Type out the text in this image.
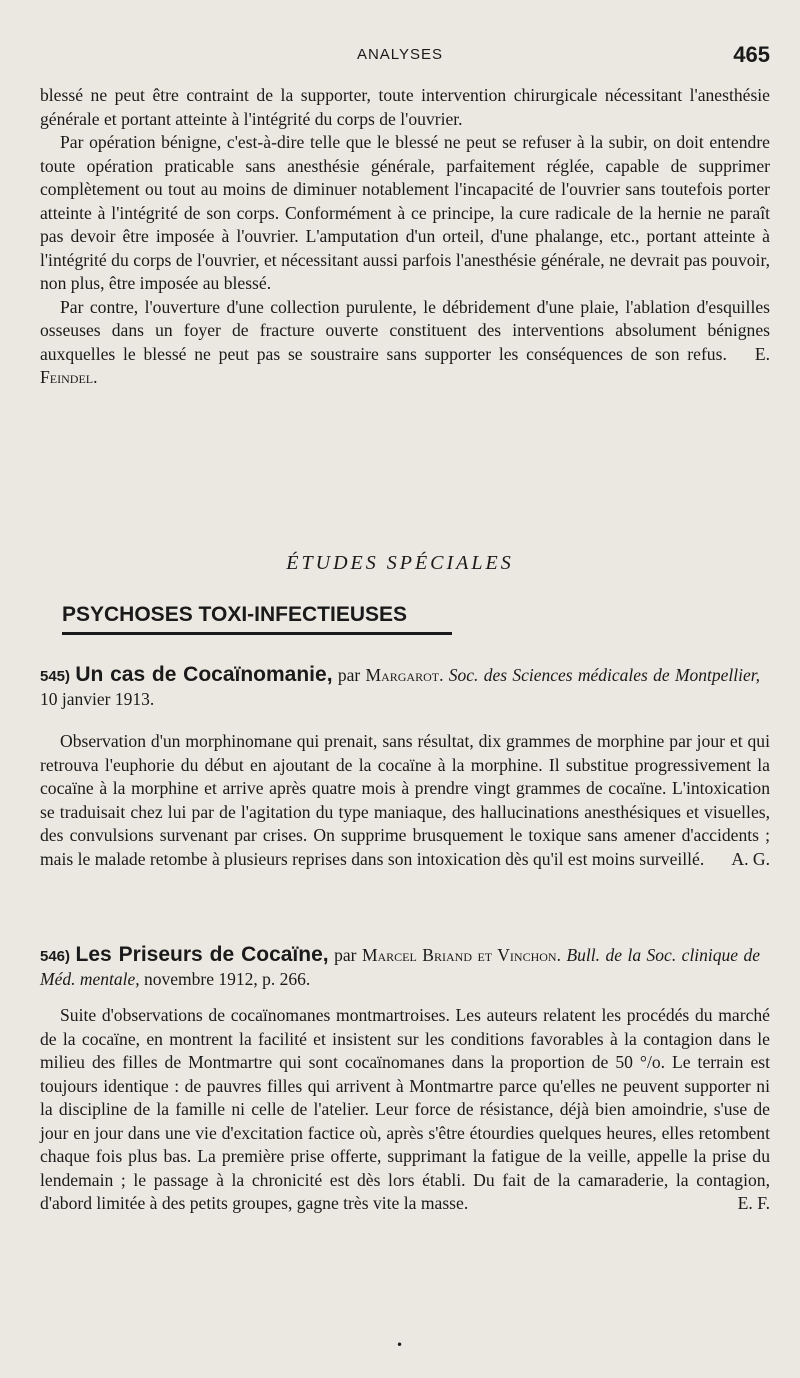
ANALYSES	465

blessé ne peut être contraint de la supporter, toute intervention chirurgicale nécessitant l'anesthésie générale et portant atteinte à l'intégrité du corps de l'ouvrier.

Par opération bénigne, c'est-à-dire telle que le blessé ne peut se refuser à la subir, on doit entendre toute opération praticable sans anesthésie générale, parfaitement réglée, capable de supprimer complètement ou tout au moins de diminuer notablement l'incapacité de l'ouvrier sans toutefois porter atteinte à l'intégrité de son corps. Conformément à ce principe, la cure radicale de la hernie ne paraît pas devoir être imposée à l'ouvrier. L'amputation d'un orteil, d'une phalange, etc., portant atteinte à l'intégrité du corps de l'ouvrier, et nécessitant aussi parfois l'anesthésie générale, ne devrait pas pouvoir, non plus, être imposée au blessé.

Par contre, l'ouverture d'une collection purulente, le débridement d'une plaie, l'ablation d'esquilles osseuses dans un foyer de fracture ouverte constituent des interventions absolument bénignes auxquelles le blessé ne peut pas se soustraire sans supporter les conséquences de son refus. E. Feindel.

ÉTUDES SPÉCIALES
PSYCHOSES TOXI-INFECTIEUSES
545) Un cas de Cocaïnomanie, par Margarot. Soc. des Sciences médicales de Montpellier, 10 janvier 1913.

Observation d'un morphinomane qui prenait, sans résultat, dix grammes de morphine par jour et qui retrouva l'euphorie du début en ajoutant de la cocaïne à la morphine. Il substitue progressivement la cocaïne à la morphine et arrive après quatre mois à prendre vingt grammes de cocaïne. L'intoxication se traduisait chez lui par de l'agitation du type maniaque, des hallucinations anesthésiques et visuelles, des convulsions survenant par crises. On supprime brusquement le toxique sans amener d'accidents ; mais le malade retombe à plusieurs reprises dans son intoxication dès qu'il est moins surveillé.	A. G.

546) Les Priseurs de Cocaïne, par Marcel Briand et Vinchon. Bull. de la Soc. clinique de Méd. mentale, novembre 1912, p. 266.

Suite d'observations de cocaïnomanes montmartroises. Les auteurs relatent les procédés du marché de la cocaïne, en montrent la facilité et insistent sur les conditions favorables à la contagion dans le milieu des filles de Montmartre qui sont cocaïnomanes dans la proportion de 50 °/o. Le terrain est toujours identique : de pauvres filles qui arrivent à Montmartre parce qu'elles ne peuvent supporter ni la discipline de la famille ni celle de l'atelier. Leur force de résistance, déjà bien amoindrie, s'use de jour en jour dans une vie d'excitation factice où, après s'être étourdies quelques heures, elles retombent chaque fois plus bas. La première prise offerte, supprimant la fatigue de la veille, appelle la prise du lendemain ; le passage à la chronicité est dès lors établi. Du fait de la camaraderie, la contagion, d'abord limitée à des petits groupes, gagne très vite la masse.	E. F.

•
